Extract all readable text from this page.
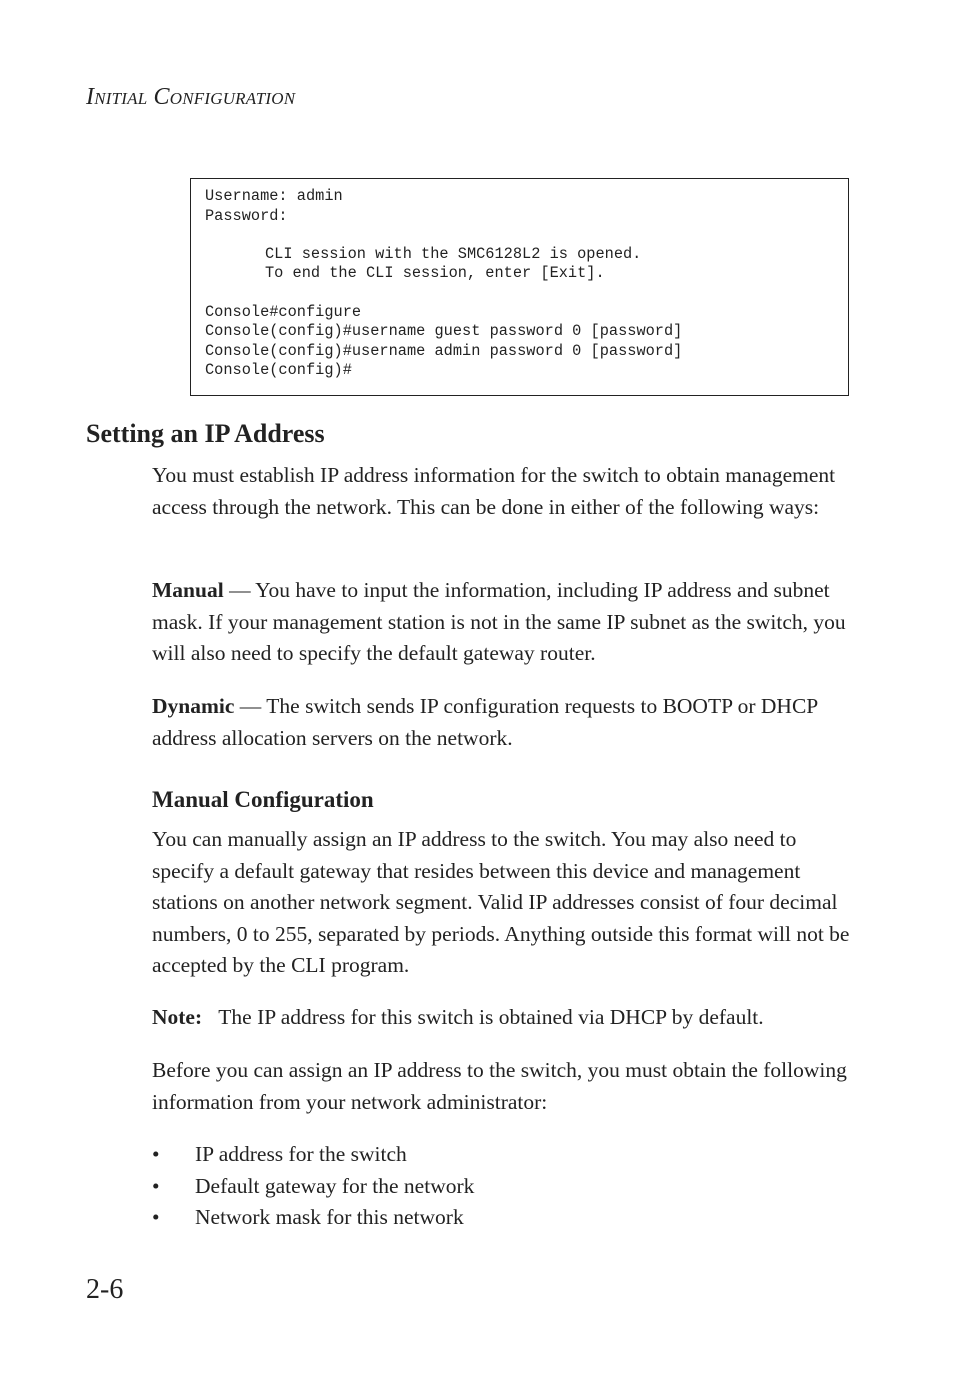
Initial Configuration
Username: admin
Password:
CLI session with the SMC6128L2 is opened.
To end the CLI session, enter [Exit].
Console#configure
Console(config)#username guest password 0 [password]
Console(config)#username admin password 0 [password]
Console(config)#
Setting an IP Address

You must establish IP address information for the switch to obtain management access through the network. This can be done in either of the following ways:

Manual — You have to input the information, including IP address and subnet mask. If your management station is not in the same IP subnet as the switch, you will also need to specify the default gateway router.

Dynamic — The switch sends IP configuration requests to BOOTP or DHCP address allocation servers on the network.

Manual Configuration

You can manually assign an IP address to the switch. You may also need to specify a default gateway that resides between this device and management stations on another network segment. Valid IP addresses consist of four decimal numbers, 0 to 255, separated by periods. Anything outside this format will not be accepted by the CLI program.

Note: The IP address for this switch is obtained via DHCP by default.

Before you can assign an IP address to the switch, you must obtain the following information from your network administrator:

• IP address for the switch
• Default gateway for the network
• Network mask for this network
2-6
